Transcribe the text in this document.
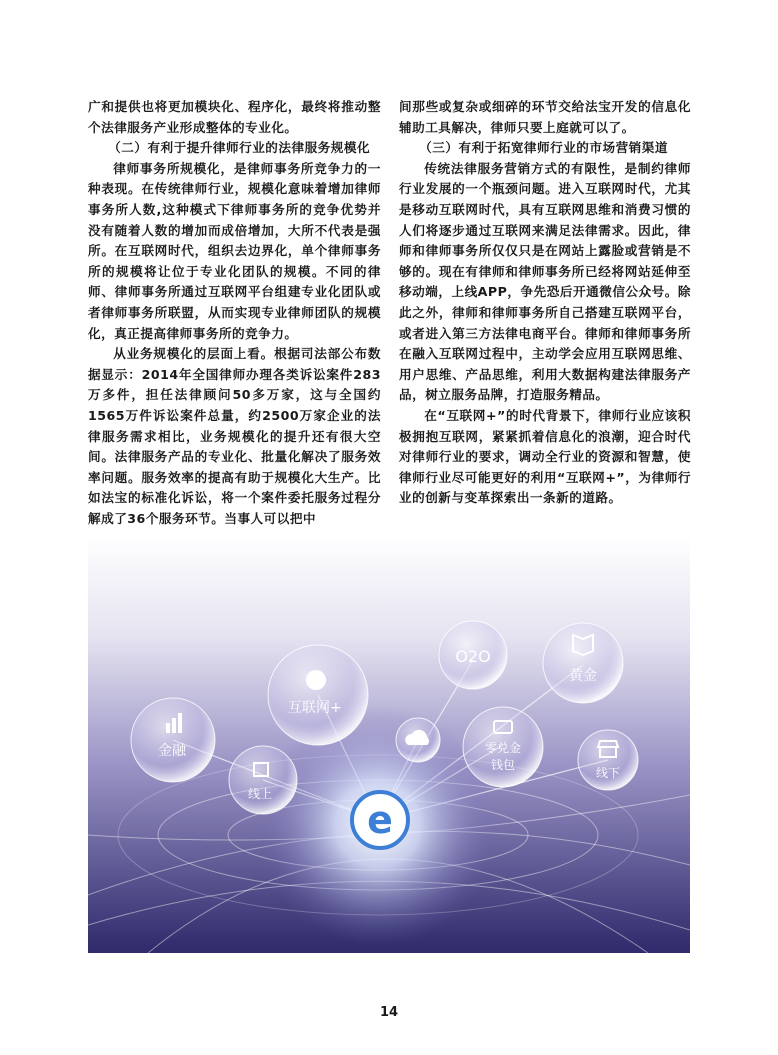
广和提供也将更加模块化、程序化，最终将推动整个法律服务产业形成整体的专业化。

（二）有利于提升律师行业的法律服务规模化

律师事务所规模化，是律师事务所竞争力的一种表现。在传统律师行业，规模化意味着增加律师事务所人数,这种模式下律师事务所的竞争优势并没有随着人数的增加而成倍增加，大所不代表是强所。在互联网时代，组织去边界化，单个律师事务所的规模将让位于专业化团队的规模。不同的律师、律师事务所通过互联网平台组建专业化团队或者律师事务所联盟，从而实现专业律师团队的规模化，真正提高律师事务所的竞争力。

从业务规模化的层面上看。根据司法部公布数据显示：2014年全国律师办理各类诉讼案件283万多件，担任法律顾问50多万家，这与全国约1565万件诉讼案件总量，约2500万家企业的法律服务需求相比，业务规模化的提升还有很大空间。法律服务产品的专业化、批量化解决了服务效率问题。服务效率的提高有助于规模化大生产。比如法宝的标准化诉讼，将一个案件委托服务过程分解成了36个服务环节。当事人可以把中

间那些或复杂或细碎的环节交给法宝开发的信息化辅助工具解决，律师只要上庭就可以了。

（三）有利于拓宽律师行业的市场营销渠道

传统法律服务营销方式的有限性，是制约律师行业发展的一个瓶颈问题。进入互联网时代，尤其是移动互联网时代，具有互联网思维和消费习惯的人们将逐步通过互联网来满足法律需求。因此，律师和律师事务所仅仅只是在网站上露脸或营销是不够的。现在有律师和律师事务所已经将网站延伸至移动端，上线APP，争先恐后开通微信公众号。除此之外，律师和律师事务所自己搭建互联网平台，或者进入第三方法律电商平台。律师和律师事务所在融入互联网过程中，主动学会应用互联网思维、用户思维、产品思维，利用大数据构建法律服务产品，树立服务品牌，打造服务精品。

在“互联网+”的时代背景下，律师行业应该积极拥抱互联网，紧紧抓着信息化的浪潮，迎合时代对律师行业的要求，调动全行业的资源和智慧，使律师行业尽可能更好的利用“互联网+”，为律师行业的创新与变革探索出一条新的道路。

e
金融
线上
互联网+
O2O
零兑金
钱包
黄金
线下
14
